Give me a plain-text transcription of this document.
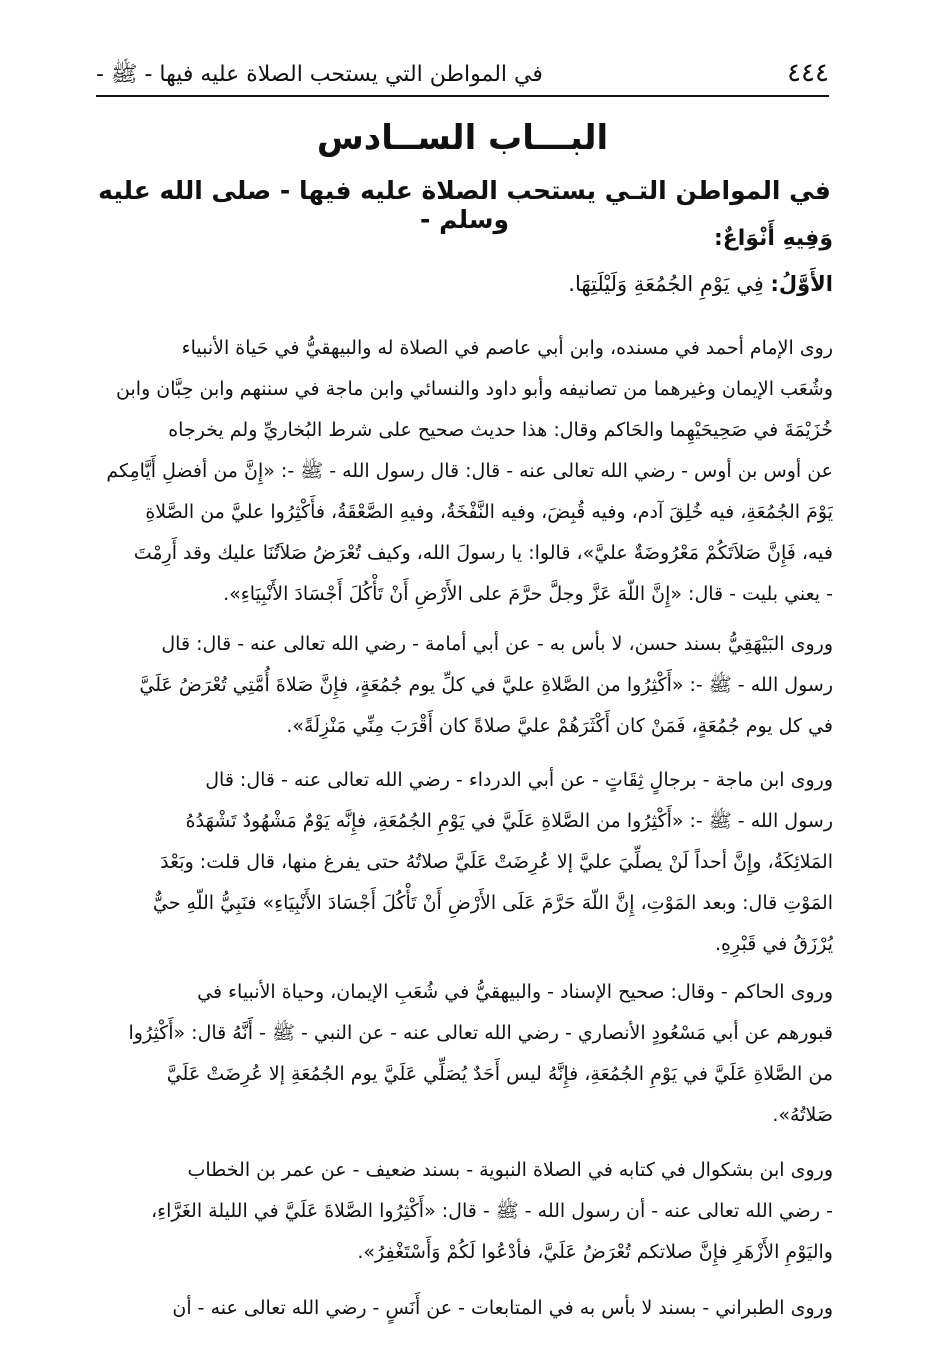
٤٤٤
في المواطن التي يستحب الصلاة عليه فيها - ﷺ -
البـــاب الســادس
في المواطن التـي يستحب الصلاة عليه فيها - صلى الله عليه وسلم -
وَفِيهِ أَنْوَاعٌ:
الأَوَّلُ: فِي يَوْمِ الجُمُعَةِ وَلَيْلَتِهَا.
روى الإمام أحمد في مسنده، وابن أبي عاصم في الصلاة له والبيهقيُّ في حَياة الأنبياء
وشُعَب الإيمان وغيرهما من تصانيفه وأبو داود والنسائي وابن ماجة في سننهم وابن حِبَّان وابن
خُزَيْمَةَ في صَحِيحَيْهِما والحَاكم وقال: هذا حديث صحيح على شرط البُخاريِّ ولم يخرجاه
عن أوس بن أوس - رضي الله تعالى عنه - قال: قال رسول الله - ﷺ -: «إِنَّ من أفضلِ أَيَّامِكم
يَوْمَ الجُمُعَةِ، فيه خُلِقَ آدم، وفيه قُبِضَ، وفيه النَّفْخَةُ، وفيهِ الصَّعْقَةُ، فأَكْثِرُوا عليَّ من الصَّلاةِ
فيه، فَإِنَّ صَلاَتَكُمْ مَعْرُوضَةٌ عليَّ»، قالوا: يا رسولَ الله، وكيف تُعْرَضُ صَلاَتُنَا عليك وقد أَرِمْتَ
- يعني بليت - قال: «إِنَّ اللّهَ عَزَّ وجلَّ حرَّمَ على الأَرْضِ أَنْ تَأْكُلَ أَجْسَادَ الأَنْبِيَاءِ».
وروى البَيْهَقِيُّ بسند حسن، لا بأس به - عن أبي أمامة - رضي الله تعالى عنه - قال: قال
رسول الله - ﷺ -: «أَكْثِرُوا من الصَّلاةِ عليَّ في كلِّ يوم جُمُعَةٍ، فإِنَّ صَلاةَ أُمَّتِي تُعْرَضُ عَلَيَّ
في كل يوم جُمُعَةٍ، فَمَنْ كان أَكْثَرَهُمْ عليَّ صلاةً كان أَقْرَبَ مِنِّي مَنْزِلَةً».
وروى ابن ماجة - برجالٍ ثِقَاتٍ - عن أبي الدرداء - رضي الله تعالى عنه - قال: قال
رسول الله - ﷺ -: «أَكْثِرُوا من الصَّلاةِ عَلَيَّ في يَوْمِ الجُمُعَةِ، فإِنَّه يَوْمٌ مَشْهُودٌ تَشْهَدُهُ
المَلائِكَةُ، وإِنَّ أحداً لَنْ يصلِّيَ عليَّ إلا عُرِضَتْ عَلَيَّ صلاتُهُ حتى يفرغ منها، قال قلت: وبَعْدَ
المَوْتِ قال: وبعد المَوْتِ، إِنَّ اللّهَ حَرَّمَ عَلَى الأَرْضِ أَنْ تَأْكُلَ أَجْسَادَ الأَنْبِيَاءِ» فنَبِيُّ اللّهِ حيٌّ
يُرْزَقُ في قَبْرِهِ.
وروى الحاكم - وقال: صحيح الإسناد - والبيهقيُّ في شُعَبِ الإيمان، وحياة الأنبياء في
قبورهم عن أبي مَسْعُودٍ الأنصاري - رضي الله تعالى عنه - عن النبي - ﷺ - أَنَّهُ قال: «أَكْثِرُوا
من الصَّلاةِ عَلَيَّ في يَوْمِ الجُمُعَةِ، فإِنَّهُ ليس أَحَدٌ يُصَلِّي عَلَيَّ يوم الجُمُعَةِ إلا عُرِضَتْ عَلَيَّ
صَلاتُهُ».
وروى ابن بشكوال في كتابه في الصلاة النبوية - بسند ضعيف - عن عمر بن الخطاب
- رضي الله تعالى عنه - أن رسول الله - ﷺ - قال: «أَكْثِرُوا الصَّلاةَ عَلَيَّ في الليلة الغَرَّاءِ،
واليَوْمِ الأَزْهَرِ فإِنَّ صلاتكم تُعْرَضُ عَلَيَّ، فأدْعُوا لَكُمْ وَأَسْتَغْفِرُ».
وروى الطبراني - بسند لا بأس به في المتابعات - عن أَنَسٍ - رضي الله تعالى عنه - أن
